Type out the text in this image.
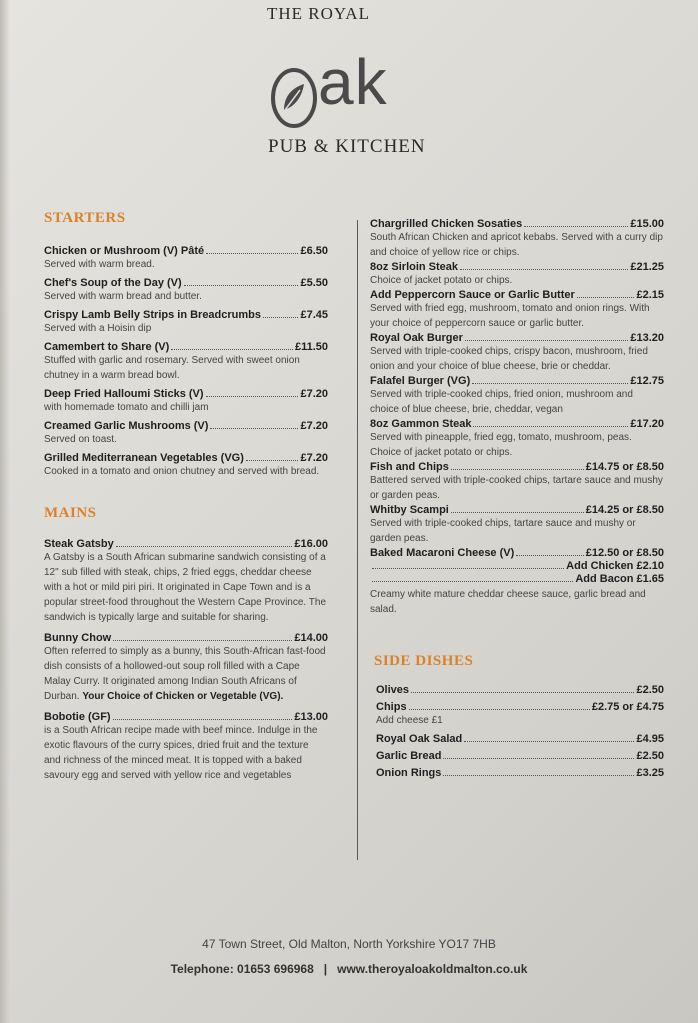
THE ROYAL
ak
PUB & KITCHEN
STARTERS
Chicken or Mushroom (V) Pâté	£6.50
Served with warm bread.
Chef's Soup of the Day (V)	£5.50
Served with warm bread and butter.
Crispy Lamb Belly Strips in Breadcrumbs	£7.45
Served with a Hoisin dip
Camembert to Share (V)	£11.50
Stuffed with garlic and rosemary. Served with sweet onion chutney in a warm bread bowl.
Deep Fried Halloumi Sticks (V)	£7.20
with homemade tomato and chilli jam
Creamed Garlic Mushrooms (V)	£7.20
Served on toast.
Grilled Mediterranean Vegetables (VG)	£7.20
Cooked in a tomato and onion chutney and served with bread.
MAINS
Steak Gatsby	£16.00
A Gatsby is a South African submarine sandwich consisting of a 12" sub filled with steak, chips, 2 fried eggs, cheddar cheese with a hot or mild piri piri. It originated in Cape Town and is a popular street-food throughout the Western Cape Province. The sandwich is typically large and suitable for sharing.
Bunny Chow	£14.00
Often referred to simply as a bunny, this South-African fast-food dish consists of a hollowed-out soup roll filled with a Cape Malay Curry. It originated among Indian South Africans of Durban. Your Choice of Chicken or Vegetable (VG).
Bobotie (GF)	£13.00
is a South African recipe made with beef mince. Indulge in the exotic flavours of the curry spices, dried fruit and the texture and richness of the minced meat. It is topped with a baked savoury egg and served with yellow rice and vegetables
Chargrilled Chicken Sosaties	£15.00
South African Chicken and apricot kebabs. Served with a curry dip and choice of yellow rice or chips.
8oz Sirloin Steak	£21.25
Choice of jacket potato or chips.
Add Peppercorn Sauce or Garlic Butter	£2.15
Served with fried egg, mushroom, tomato and onion rings. With your choice of peppercorn sauce or garlic butter.
Royal Oak Burger	£13.20
Served with triple-cooked chips, crispy bacon, mushroom, fried onion and your choice of blue cheese, brie or cheddar.
Falafel Burger (VG)	£12.75
Served with triple-cooked chips, fried onion, mushroom and choice of blue cheese, brie, cheddar, vegan
8oz Gammon Steak	£17.20
Served with pineapple, fried egg, tomato, mushroom, peas. Choice of jacket potato or chips.
Fish and Chips	£14.75 or £8.50
Battered served with triple-cooked chips, tartare sauce and mushy or garden peas.
Whitby Scampi	£14.25 or £8.50
Served with triple-cooked chips, tartare sauce and mushy or garden peas.
Baked Macaroni Cheese (V)	£12.50 or £8.50
Add Chicken £2.10
Add Bacon £1.65
Creamy white mature cheddar cheese sauce, garlic bread and salad.
SIDE DISHES
Olives	£2.50
Chips	£2.75 or £4.75
Add cheese £1
Royal Oak Salad	£4.95
Garlic Bread	£2.50
Onion Rings	£3.25
47 Town Street, Old Malton, North Yorkshire YO17 7HB
Telephone: 01653 696968 | www.theroyaloakoldmalton.co.uk
